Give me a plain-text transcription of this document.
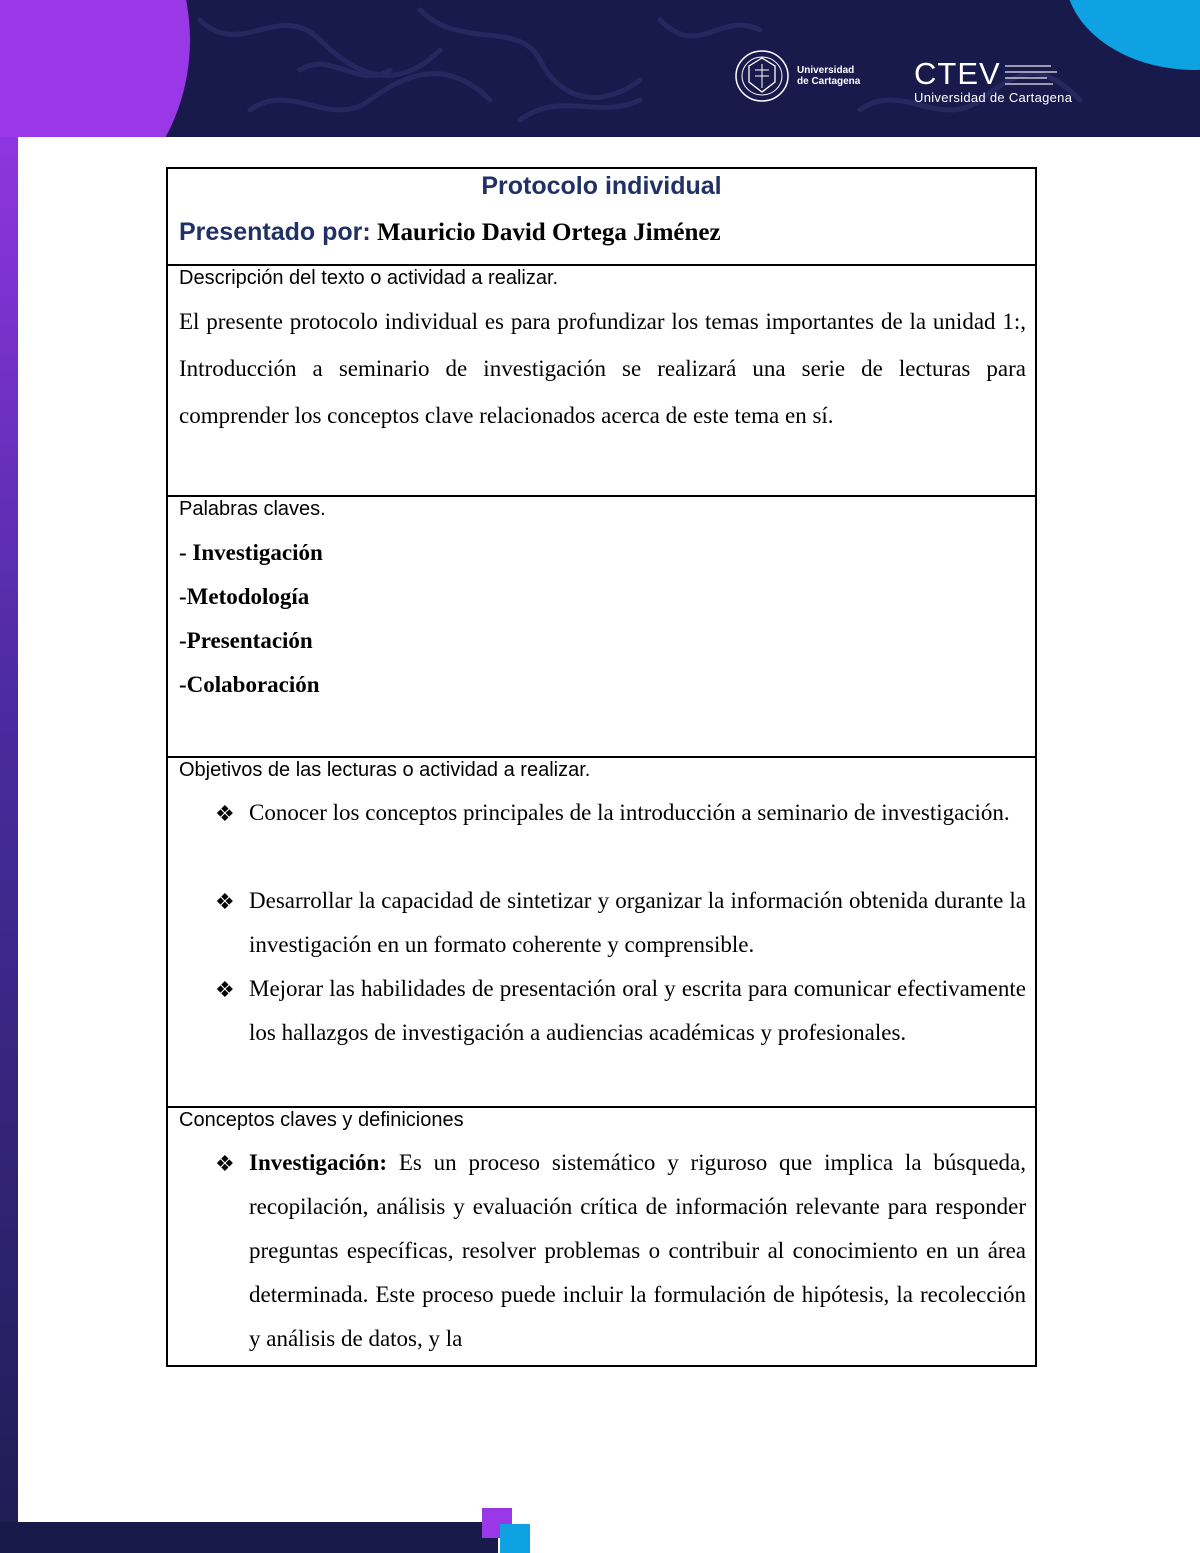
Universidad
de Cartagena CTEV
Universidad de Cartagena
Protocolo individual
Presentado por: Mauricio David Ortega Jiménez
Descripción del texto o actividad a realizar.
El presente protocolo individual es para profundizar los temas importantes de la unidad 1:, Introducción a seminario de investigación se realizará una serie de lecturas para comprender los conceptos clave relacionados acerca de este tema en sí.
Palabras claves.
- Investigación
-Metodología
-Presentación
-Colaboración
Objetivos de las lecturas o actividad a realizar.
❖ Conocer los conceptos principales de la introducción a seminario de investigación.
❖ Desarrollar la capacidad de sintetizar y organizar la información obtenida durante la investigación en un formato coherente y comprensible.
❖ Mejorar las habilidades de presentación oral y escrita para comunicar efectivamente los hallazgos de investigación a audiencias académicas y profesionales.
Conceptos claves y definiciones
❖ Investigación: Es un proceso sistemático y riguroso que implica la búsqueda, recopilación, análisis y evaluación crítica de información relevante para responder preguntas específicas, resolver problemas o contribuir al conocimiento en un área determinada. Este proceso puede incluir la formulación de hipótesis, la recolección y análisis de datos, y la
